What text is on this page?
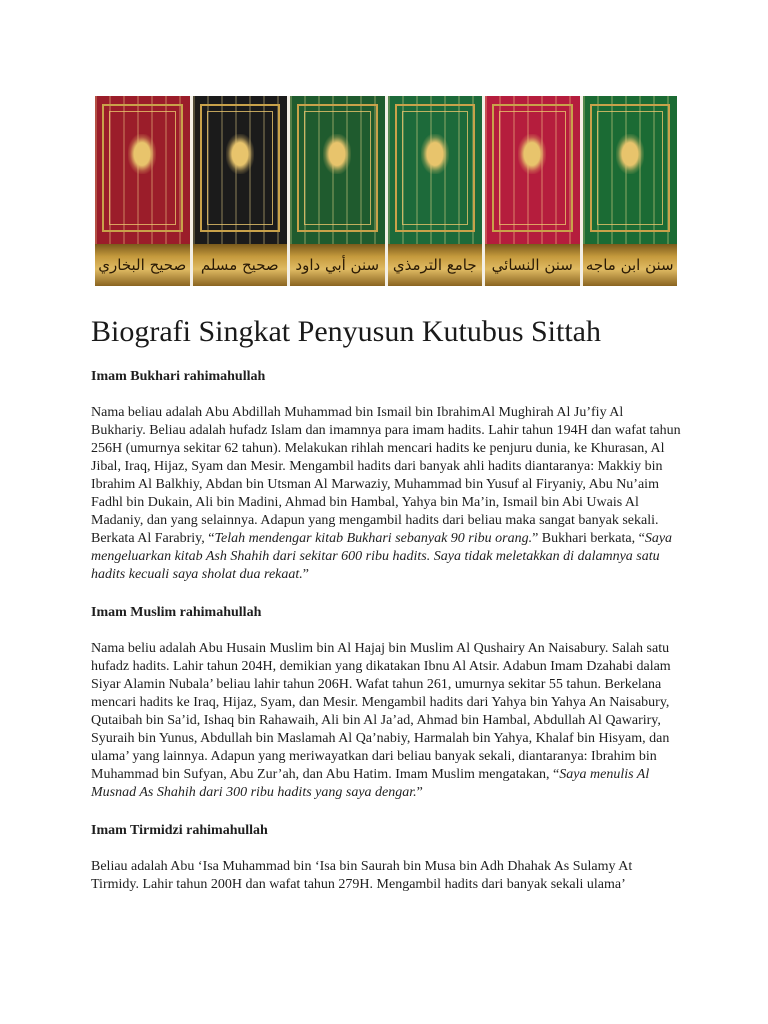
صحيح البخاري صحيح مسلم سنن أبي داود جامع الترمذي سنن النسائي سنن ابن ماجه
Biografi Singkat Penyusun Kutubus Sittah

Imam Bukhari rahimahullah

Nama beliau adalah Abu Abdillah Muhammad bin Ismail bin IbrahimAl Mughirah Al Ju’fiy Al Bukhariy. Beliau adalah hufadz Islam dan imamnya para imam hadits. Lahir tahun 194H dan wafat tahun 256H (umurnya sekitar 62 tahun). Melakukan rihlah mencari hadits ke penjuru dunia, ke Khurasan, Al Jibal, Iraq, Hijaz, Syam dan Mesir. Mengambil hadits dari banyak ahli hadits diantaranya: Makkiy bin Ibrahim Al Balkhiy, Abdan bin Utsman Al Marwaziy, Muhammad bin Yusuf al Firyaniy, Abu Nu’aim Fadhl bin Dukain, Ali bin Madini, Ahmad bin Hambal, Yahya bin Ma’in, Ismail bin Abi Uwais Al Madaniy, dan yang selainnya. Adapun yang mengambil hadits dari beliau maka sangat banyak sekali. Berkata Al Farabriy, “Telah mendengar kitab Bukhari sebanyak 90 ribu orang.” Bukhari berkata, “Saya mengeluarkan kitab Ash Shahih dari sekitar 600 ribu hadits. Saya tidak meletakkan di dalamnya satu hadits kecuali saya sholat dua rekaat.”

Imam Muslim rahimahullah

Nama beliu adalah Abu Husain Muslim bin Al Hajaj bin Muslim Al Qushairy An Naisabury. Salah satu hufadz hadits. Lahir tahun 204H, demikian yang dikatakan Ibnu Al Atsir. Adabun Imam Dzahabi dalam Siyar Alamin Nubala’ beliau lahir tahun 206H. Wafat tahun 261, umurnya sekitar 55 tahun. Berkelana mencari hadits ke Iraq, Hijaz, Syam, dan Mesir. Mengambil hadits dari Yahya bin Yahya An Naisabury, Qutaibah bin Sa’id, Ishaq bin Rahawaih, Ali bin Al Ja’ad, Ahmad bin Hambal, Abdullah Al Qawariry, Syuraih bin Yunus, Abdullah bin Maslamah Al Qa’nabiy, Harmalah bin Yahya, Khalaf bin Hisyam, dan ulama’ yang lainnya. Adapun yang meriwayatkan dari beliau banyak sekali, diantaranya: Ibrahim bin Muhammad bin Sufyan, Abu Zur’ah, dan Abu Hatim. Imam Muslim mengatakan, “Saya menulis Al Musnad As Shahih dari 300 ribu hadits yang saya dengar.”

Imam Tirmidzi rahimahullah

Beliau adalah Abu ‘Isa Muhammad bin ‘Isa bin Saurah bin Musa bin Adh Dhahak As Sulamy At Tirmidy. Lahir tahun 200H dan wafat tahun 279H. Mengambil hadits dari banyak sekali ulama’
